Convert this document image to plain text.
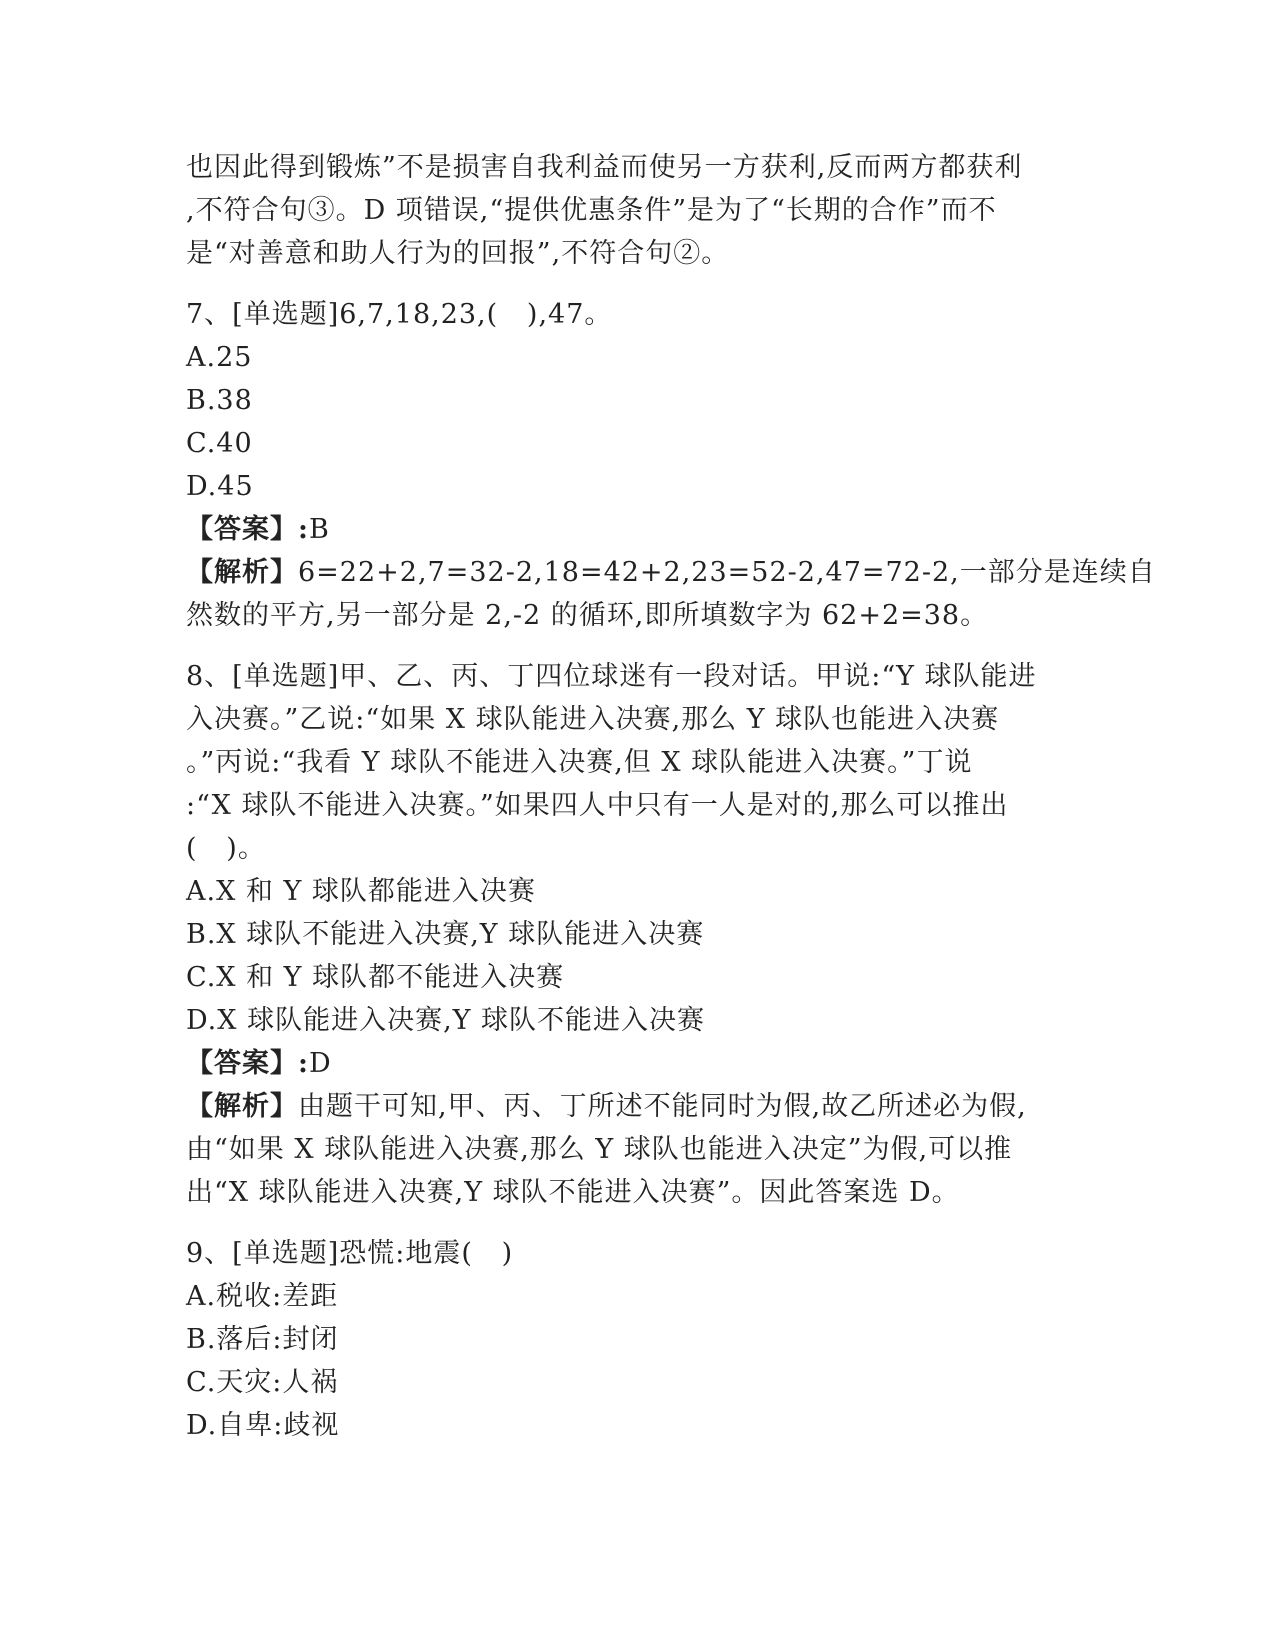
也因此得到锻炼”不是损害自我利益而使另一方获利,反而两方都获利
,不符合句③。D 项错误,“提供优惠条件”是为了“长期的合作”而不
是“对善意和助人行为的回报”,不符合句②。
7、[单选题]6,7,18,23,(   ),47。
A.25
B.38
C.40
D.45
【答案】:B
【解析】6=22+2,7=32-2,18=42+2,23=52-2,47=72-2,一部分是连续自
然数的平方,另一部分是 2,-2 的循环,即所填数字为 62+2=38。
8、[单选题]甲、乙、丙、丁四位球迷有一段对话。甲说:“Y 球队能进
入决赛。”乙说:“如果 X 球队能进入决赛,那么 Y 球队也能进入决赛
。”丙说:“我看 Y 球队不能进入决赛,但 X 球队能进入决赛。”丁说
:“X 球队不能进入决赛。”如果四人中只有一人是对的,那么可以推出
(   )。
A.X 和 Y 球队都能进入决赛
B.X 球队不能进入决赛,Y 球队能进入决赛
C.X 和 Y 球队都不能进入决赛
D.X 球队能进入决赛,Y 球队不能进入决赛
【答案】:D
【解析】由题干可知,甲、丙、丁所述不能同时为假,故乙所述必为假,
由“如果 X 球队能进入决赛,那么 Y 球队也能进入决定”为假,可以推
出“X 球队能进入决赛,Y 球队不能进入决赛”。因此答案选 D。
9、[单选题]恐慌:地震(   )
A.税收:差距
B.落后:封闭
C.天灾:人祸
D.自卑:歧视
